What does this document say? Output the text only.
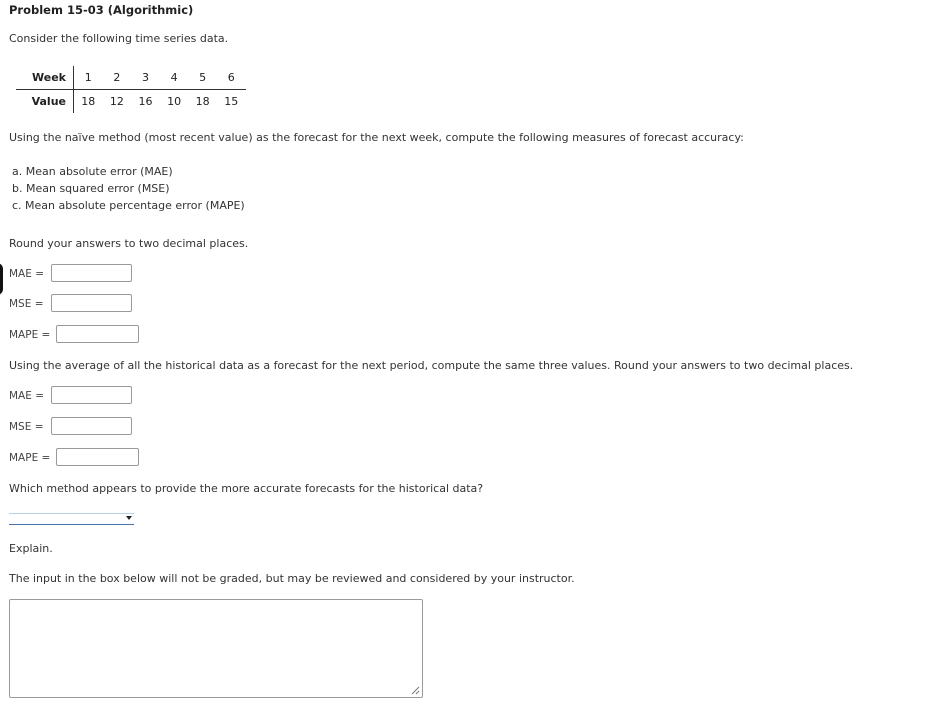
Problem 15-03 (Algorithmic)
Consider the following time series data.
Week	1	2	3	4	5	6
Value	18	12	16	10	18	15
Using the naïve method (most recent value) as the forecast for the next week, compute the following measures of forecast accuracy:
a. Mean absolute error (MAE)
b. Mean squared error (MSE)
c. Mean absolute percentage error (MAPE)
Round your answers to two decimal places.
MAE =
MSE =
MAPE =
Using the average of all the historical data as a forecast for the next period, compute the same three values. Round your answers to two decimal places.
MAE =
MSE =
MAPE =
Which method appears to provide the more accurate forecasts for the historical data?
Explain.
The input in the box below will not be graded, but may be reviewed and considered by your instructor.
